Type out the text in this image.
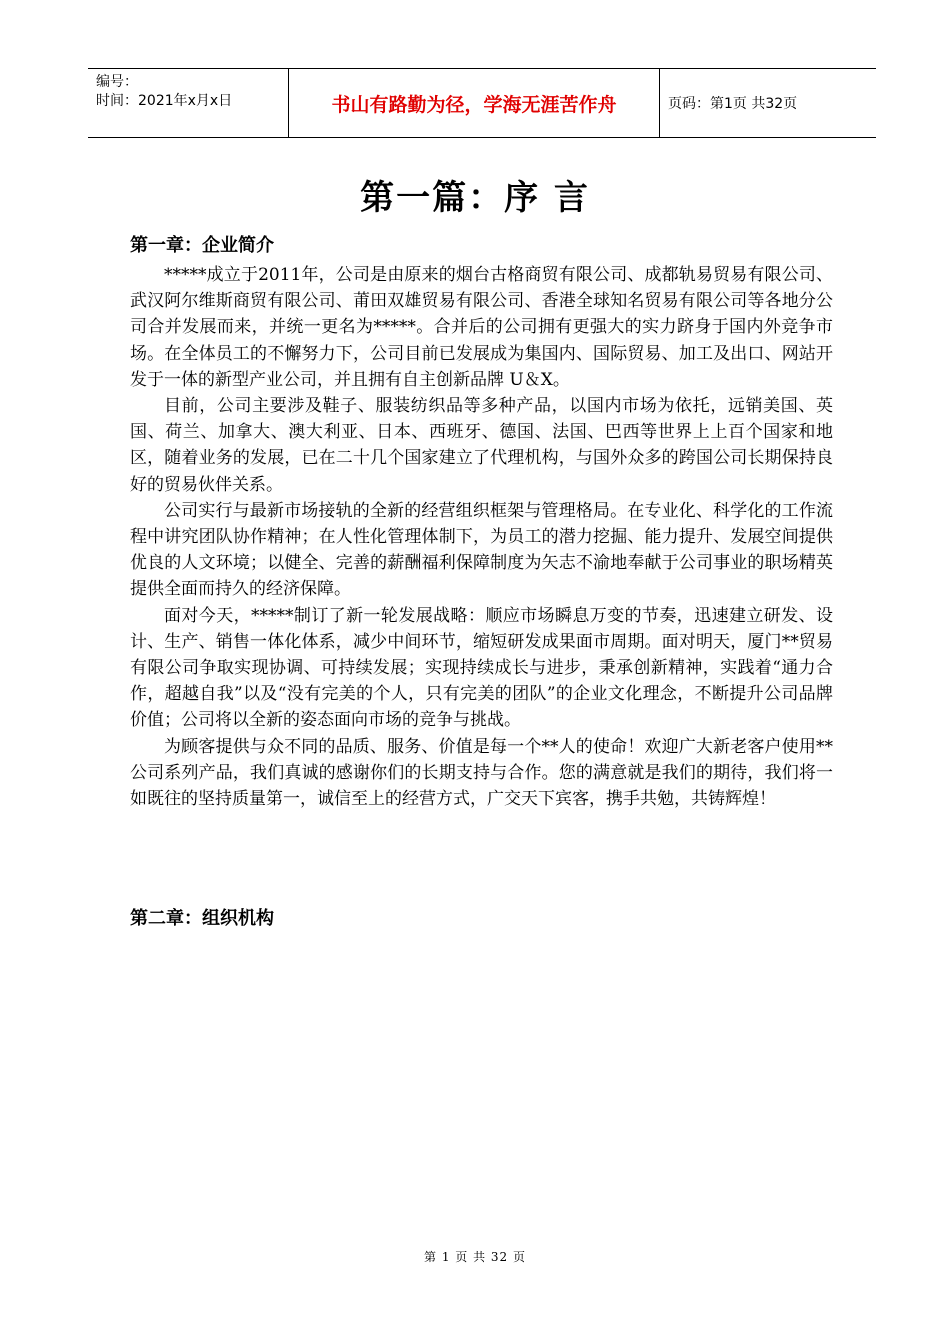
编号：
时间：2021年x月x日	书山有路勤为径，学海无涯苦作舟	页码：第1页 共32页
第一篇：序 言
第一章：企业简介

*****成立于2011年，公司是由原来的烟台古格商贸有限公司、成都轨易贸易有限公司、武汉阿尔维斯商贸有限公司、莆田双雄贸易有限公司、香港全球知名贸易有限公司等各地分公司合并发展而来，并统一更名为*****。合并后的公司拥有更强大的实力跻身于国内外竞争市场。在全体员工的不懈努力下，公司目前已发展成为集国内、国际贸易、加工及出口、网站开发于一体的新型产业公司，并且拥有自主创新品牌 U＆X。

目前，公司主要涉及鞋子、服装纺织品等多种产品，以国内市场为依托，远销美国、英国、荷兰、加拿大、澳大利亚、日本、西班牙、德国、法国、巴西等世界上上百个国家和地区，随着业务的发展，已在二十几个国家建立了代理机构，与国外众多的跨国公司长期保持良好的贸易伙伴关系。

公司实行与最新市场接轨的全新的经营组织框架与管理格局。在专业化、科学化的工作流程中讲究团队协作精神；在人性化管理体制下，为员工的潜力挖掘、能力提升、发展空间提供优良的人文环境；以健全、完善的薪酬福利保障制度为矢志不渝地奉献于公司事业的职场精英提供全面而持久的经济保障。

面对今天，*****制订了新一轮发展战略：顺应市场瞬息万变的节奏，迅速建立研发、设计、生产、销售一体化体系，减少中间环节，缩短研发成果面市周期。面对明天，厦门**贸易有限公司争取实现协调、可持续发展；实现持续成长与进步，秉承创新精神，实践着“通力合作，超越自我”以及“没有完美的个人，只有完美的团队”的企业文化理念，不断提升公司品牌价值；公司将以全新的姿态面向市场的竞争与挑战。

为顾客提供与众不同的品质、服务、价值是每一个**人的使命！欢迎广大新老客户使用**公司系列产品，我们真诚的感谢你们的长期支持与合作。您的满意就是我们的期待，我们将一如既往的坚持质量第一，诚信至上的经营方式，广交天下宾客，携手共勉，共铸辉煌！

第二章：组织机构
第 1 页 共 32 页
